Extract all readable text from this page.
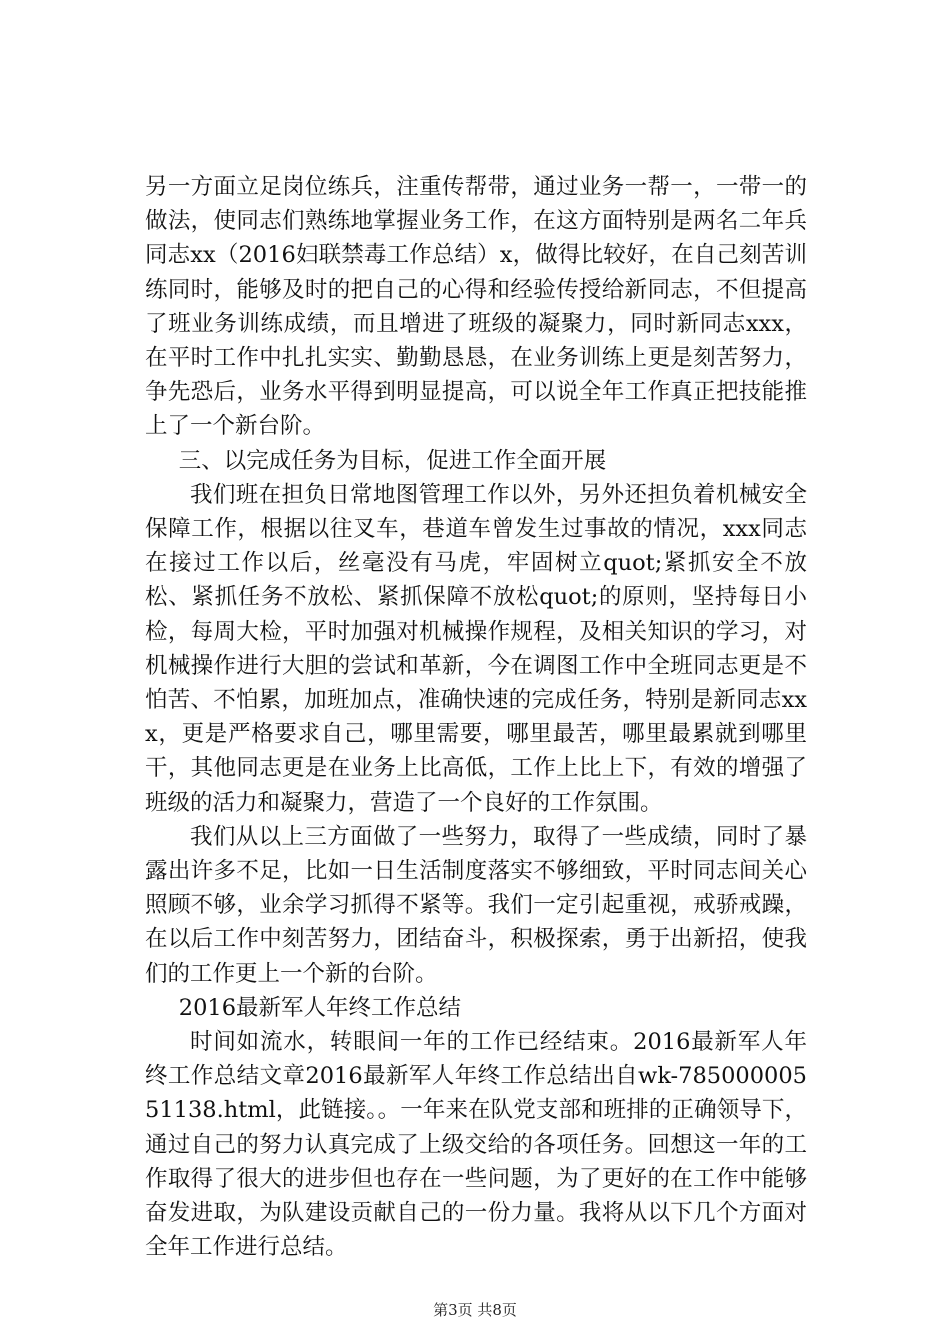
另一方面立足岗位练兵，注重传帮带，通过业务一帮一，一带一的做法，使同志们熟练地掌握业务工作，在这方面特别是两名二年兵同志xx（2016妇联禁毒工作总结）x，做得比较好，在自己刻苦训练同时，能够及时的把自己的心得和经验传授给新同志，不但提高了班业务训练成绩，而且增进了班级的凝聚力，同时新同志xxx，在平时工作中扎扎实实、勤勤恳恳，在业务训练上更是刻苦努力，争先恐后，业务水平得到明显提高，可以说全年工作真正把技能推上了一个新台阶。

三、以完成任务为目标，促进工作全面开展

我们班在担负日常地图管理工作以外，另外还担负着机械安全保障工作，根据以往叉车，巷道车曾发生过事故的情况，xxx同志在接过工作以后，丝毫没有马虎，牢固树立quot;紧抓安全不放松、紧抓任务不放松、紧抓保障不放松quot;的原则，坚持每日小检，每周大检，平时加强对机械操作规程，及相关知识的学习，对机械操作进行大胆的尝试和革新，今在调图工作中全班同志更是不怕苦、不怕累，加班加点，准确快速的完成任务，特别是新同志xxx，更是严格要求自己，哪里需要，哪里最苦，哪里最累就到哪里干，其他同志更是在业务上比高低，工作上比上下，有效的增强了班级的活力和凝聚力，营造了一个良好的工作氛围。

我们从以上三方面做了一些努力，取得了一些成绩，同时了暴露出许多不足，比如一日生活制度落实不够细致，平时同志间关心照顾不够，业余学习抓得不紧等。我们一定引起重视，戒骄戒躁，在以后工作中刻苦努力，团结奋斗，积极探索，勇于出新招，使我们的工作更上一个新的台阶。

2016最新军人年终工作总结

时间如流水，转眼间一年的工作已经结束。2016最新军人年终工作总结文章2016最新军人年终工作总结出自wk-78500000551138.html，此链接。。一年来在队党支部和班排的正确领导下，通过自己的努力认真完成了上级交给的各项任务。回想这一年的工作取得了很大的进步但也存在一些问题，为了更好的在工作中能够奋发进取，为队建设贡献自己的一份力量。我将从以下几个方面对全年工作进行总结。

第3页 共8页
